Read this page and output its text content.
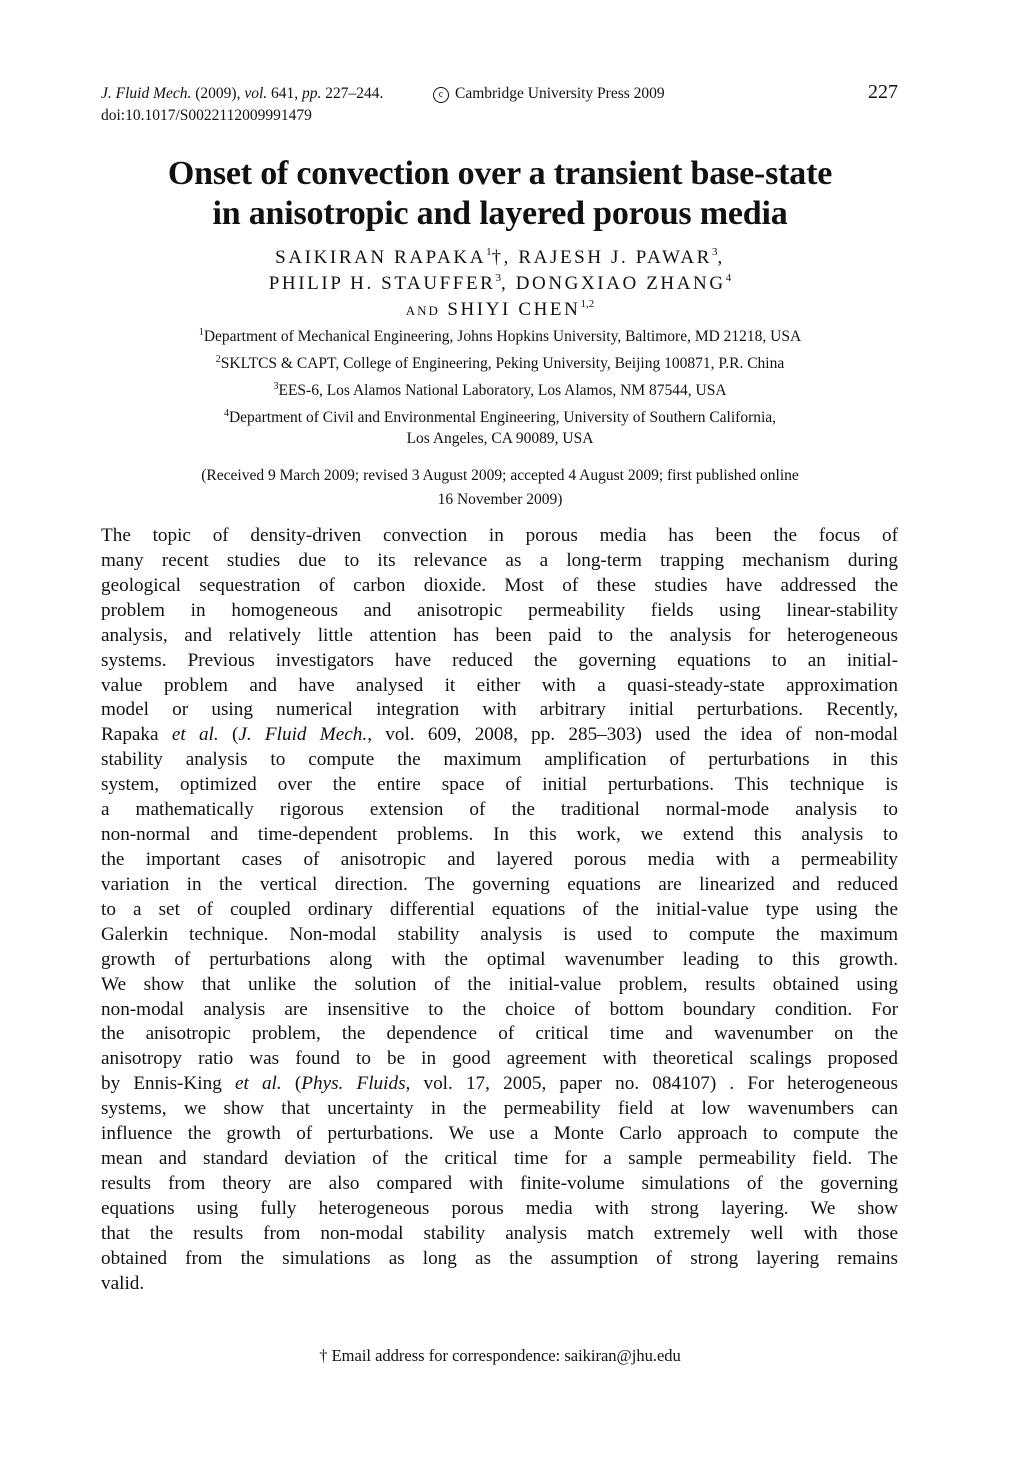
J. Fluid Mech. (2009), vol. 641, pp. 227–244.	c Cambridge University Press 2009	227
doi:10.1017/S0022112009991479
Onset of convection over a transient base-state
in anisotropic and layered porous media
SAIKIRAN RAPAKA$^1$†, RAJESH J. PAWAR$^3$,
PHILIP H. STAUFFER$^3$, DONGXIAO ZHANG$^4$
AND SHIYI CHEN$^{1,2}$
$^1$Department of Mechanical Engineering, Johns Hopkins University, Baltimore, MD 21218, USA
$^2$SKLTCS & CAPT, College of Engineering, Peking University, Beijing 100871, P.R. China
$^3$EES-6, Los Alamos National Laboratory, Los Alamos, NM 87544, USA
$^4$Department of Civil and Environmental Engineering, University of Southern California,
Los Angeles, CA 90089, USA
(Received 9 March 2009; revised 3 August 2009; accepted 4 August 2009; first published online
16 November 2009)
The topic of density-driven convection in porous media has been the focus of
many recent studies due to its relevance as a long-term trapping mechanism during
geological sequestration of carbon dioxide. Most of these studies have addressed the
problem in homogeneous and anisotropic permeability fields using linear-stability
analysis, and relatively little attention has been paid to the analysis for heterogeneous
systems. Previous investigators have reduced the governing equations to an initial-
value problem and have analysed it either with a quasi-steady-state approximation
model or using numerical integration with arbitrary initial perturbations. Recently,
Rapaka et al. (J. Fluid Mech., vol. 609, 2008, pp. 285–303) used the idea of non-modal
stability analysis to compute the maximum amplification of perturbations in this
system, optimized over the entire space of initial perturbations. This technique is
a mathematically rigorous extension of the traditional normal-mode analysis to
non-normal and time-dependent problems. In this work, we extend this analysis to
the important cases of anisotropic and layered porous media with a permeability
variation in the vertical direction. The governing equations are linearized and reduced
to a set of coupled ordinary differential equations of the initial-value type using the
Galerkin technique. Non-modal stability analysis is used to compute the maximum
growth of perturbations along with the optimal wavenumber leading to this growth.
We show that unlike the solution of the initial-value problem, results obtained using
non-modal analysis are insensitive to the choice of bottom boundary condition. For
the anisotropic problem, the dependence of critical time and wavenumber on the
anisotropy ratio was found to be in good agreement with theoretical scalings proposed
by Ennis-King et al. (Phys. Fluids, vol. 17, 2005, paper no. 084107) . For heterogeneous
systems, we show that uncertainty in the permeability field at low wavenumbers can
influence the growth of perturbations. We use a Monte Carlo approach to compute the
mean and standard deviation of the critical time for a sample permeability field. The
results from theory are also compared with finite-volume simulations of the governing
equations using fully heterogeneous porous media with strong layering. We show
that the results from non-modal stability analysis match extremely well with those
obtained from the simulations as long as the assumption of strong layering remains
valid.
† Email address for correspondence: saikiran@jhu.edu
